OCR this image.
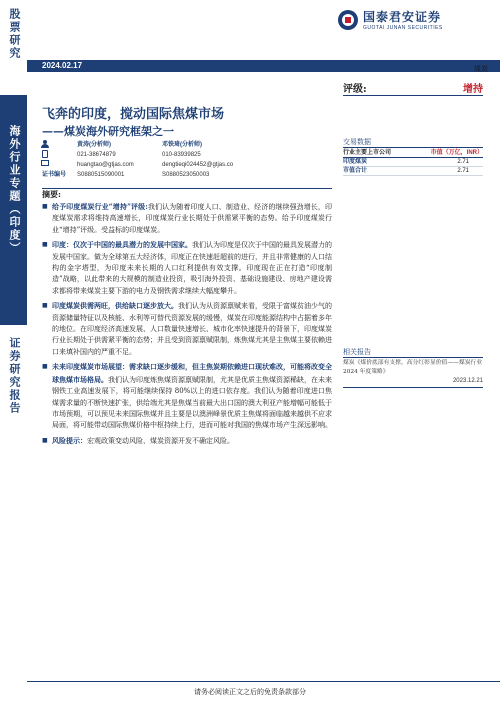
股票研究
海外行业专题（印度）
证券研究报告
国泰君安证券
GUOTAI JUNAN SECURITIES
2024.02.17	煤炭
评级:	增持
飞奔的印度，搅动国际焦煤市场
——煤炭海外研究框架之一
证书编号
黄涛(分析师)
021-38674879
huangtao@gtjas.com
S0880515090001
邓铁琦(分析师)
010-83939825
dengtieqi024452@gtjas.co
S0880523050003
摘要:
■ 给予印度煤炭行业“增持”评级:我们认为随着印度人口、制造业、经济的继续强劲增长，印度煤炭需求将维持高速增长，印度煤炭行业长期处于供需紧平衡的态势。给予印度煤炭行业“增持”评级。受益标的印度煤炭。
■ 印度：仅次于中国的最具潜力的发展中国家。我们认为印度是仅次于中国的最具发展潜力的发展中国家。做为全球第五大经济体，印度正在快速赶超前的进行，并且非常健康的人口结构的金字塔型，为印度未来长期的人口红利提供有效支撑。印度现在正在打造“印度制造”战略，以此带来的大规模的制造业投资，吸引海外投资、基础设施建设、房地产建设需求都将带来煤炭主要下游的电力及钢铁需求继续大幅度攀升。
■ 印度煤炭供需两旺，供给缺口逐步放大。我们认为从资源禀赋来看，受限于富煤贫油少气的资源储量特征以及核能、水利等可替代资源发展的缓慢，煤炭在印度能源结构中占据着多年的地位。在印度经济高速发展、人口数量快速增长、城市化率快速提升的背景下，印度煤炭行业长期处于供需紧平衡的态势；并且受到资源禀赋限制，炼焦煤尤其是主焦煤主要依赖进口来填补国内的严重不足。
■ 未来印度煤炭市场展望：需求缺口逐步缓和，但主焦炭期依赖进口现状难改，可能将改变全球焦煤市场格局。我们认为印度炼焦煤资源禀赋限制，尤其是优质主焦煤资源稀缺，在未来钢铁工业高速发展下，将可能继续保持 80%以上的进口依存度。我们认为随着印度进口焦煤需求量的不断快速扩张，供给端尤其是焦煤当前最大出口国的澳大利亚产能增幅可能低于市场预期，可以预见未来国际焦煤并且主要是以澳洲峰景优质主焦煤将面临越来越供不应求局面，将可能带动国际焦煤价格中枢持续上行，进而可能对我国的焦煤市场产生深远影响。
■ 风险提示：宏观政策变动风险、煤炭资源开发不确定风险。
交易数据
行业主要上市公司	市值（万亿，INR）
印度煤炭	2.71
市值合计	2.71
相关报告
煤炭《煤价底部有支撑，高分红彰显价值——煤炭行业 2024 年度策略》
2023.12.21
请务必阅读正文之后的免责条款部分
